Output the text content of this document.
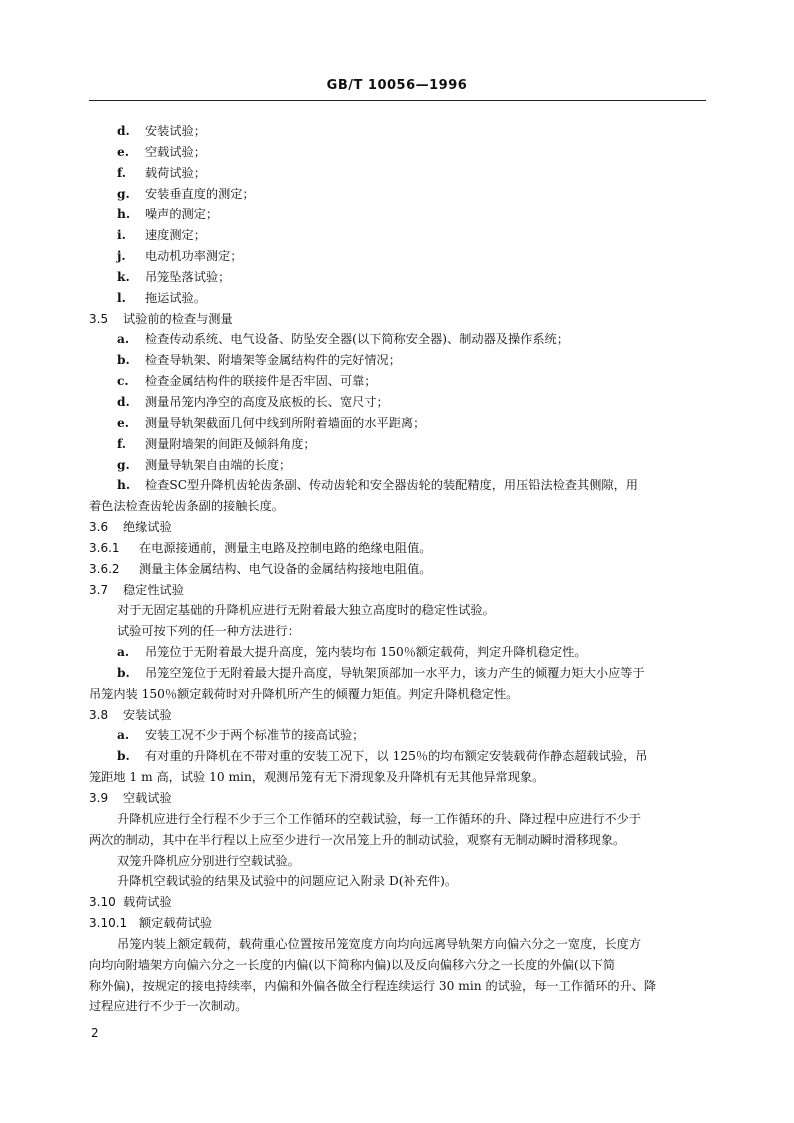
GB/T 10056—1996
d. 安装试验；
e. 空载试验；
f. 载荷试验；
g. 安装垂直度的测定；
h. 噪声的测定；
i. 速度测定；
j. 电动机功率测定；
k. 吊笼坠落试验；
l. 拖运试验。
3.5 试验前的检查与测量
a. 检查传动系统、电气设备、防坠安全器(以下简称安全器)、制动器及操作系统；
b. 检查导轨架、附墙架等金属结构件的完好情况；
c. 检查金属结构件的联接件是否牢固、可靠；
d. 测量吊笼内净空的高度及底板的长、宽尺寸；
e. 测量导轨架截面几何中线到所附着墙面的水平距离；
f. 测量附墙架的间距及倾斜角度；
g. 测量导轨架自由端的长度；
h. 检查SC型升降机齿轮齿条副、传动齿轮和安全器齿轮的装配精度，用压铅法检查其侧隙，用
着色法检查齿轮齿条副的接触长度。
3.6 绝缘试验
3.6.1 在电源接通前，测量主电路及控制电路的绝缘电阻值。
3.6.2 测量主体金属结构、电气设备的金属结构接地电阻值。
3.7 稳定性试验
对于无固定基础的升降机应进行无附着最大独立高度时的稳定性试验。
试验可按下列的任一种方法进行：
a. 吊笼位于无附着最大提升高度，笼内装均布 150％额定载荷，判定升降机稳定性。
b. 吊笼空笼位于无附着最大提升高度，导轨架顶部加一水平力，该力产生的倾覆力矩大小应等于
吊笼内装 150％额定载荷时对升降机所产生的倾覆力矩值。判定升降机稳定性。
3.8 安装试验
a. 安装工况不少于两个标准节的接高试验；
b. 有对重的升降机在不带对重的安装工况下，以 125％的均布额定安装载荷作静态超载试验，吊
笼距地 1 m 高，试验 10 min，观测吊笼有无下滑现象及升降机有无其他异常现象。
3.9 空载试验
升降机应进行全行程不少于三个工作循环的空载试验，每一工作循环的升、降过程中应进行不少于
两次的制动，其中在半行程以上应至少进行一次吊笼上升的制动试验，观察有无制动瞬时滑移现象。
双笼升降机应分别进行空载试验。
升降机空载试验的结果及试验中的问题应记入附录 D(补充件)。
3.10 载荷试验
3.10.1 额定载荷试验
吊笼内装上额定载荷，载荷重心位置按吊笼宽度方向均向远离导轨架方向偏六分之一宽度，长度方
向均向附墙架方向偏六分之一长度的内偏(以下简称内偏)以及反向偏移六分之一长度的外偏(以下简
称外偏)，按规定的接电持续率，内偏和外偏各做全行程连续运行 30 min 的试验，每一工作循环的升、降
过程应进行不少于一次制动。
2
